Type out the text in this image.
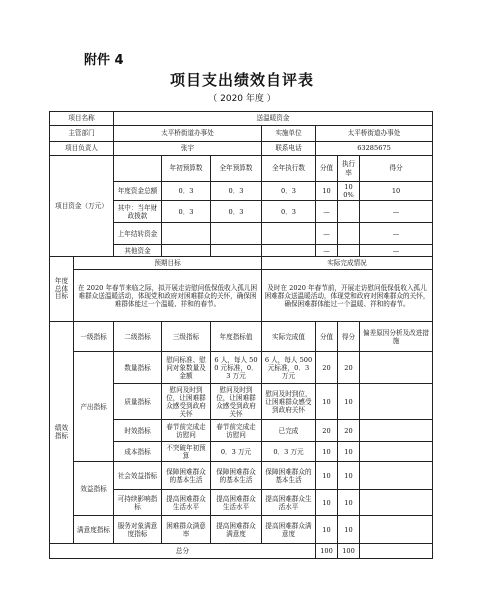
附件 4
项目支出绩效自评表
（ 2020 年度 ）
项目名称		送温暖资金						
主管部门		太平桥街道办事处			实施单位	太平桥街道办事处		
项目负责人		张宇			联系电话	63285675		
项目资金（万元）			年初预算数	全年预算数	全年执行数	分值	执行率	得分
		年度资金总额	0．3	0．3	0．3	10	100%	10
		其中：当年财政拨款	0．3	0．3	0．3	—		—
		上年结转资金				—		—
		其他资金				—		—
年度总体目标	预期目标				实际完成情况			
	在 2020 年春节来临之际，拟开展走访慰问低保低收入孤儿困难群众送温暖活动，体现党和政府对困难群众的关怀，确保困难群体能过一个温暖、祥和的春节。				及时在 2020 年春节前，开展走访慰问低保低收入孤儿困难群众送温暖活动，体现党和政府对困难群众的关怀，确保困难群体能过一个温暖、祥和的春节。			
绩效指标	一级指标	二级指标	三级指标	年度指标值	实际完成值	分值	得分	偏差原因分析及改进措施
	产出指标	数量指标	慰问标准、慰问对象数量及金额	6 人，每人 500 元标准，0．3 万元	6 人，每人 500 元标准，0．3 万元	20	20	
		质量指标	慰问及时到位，让困难群众感受到政府关怀	慰问及时到位，让困难群众感受到政府关怀	慰问及时到位，让困难群众感受到政府关怀	10	10	
		时效指标	春节前完成走访慰问	春节前完成走访慰问	已完成	20	20	
		成本指标	不突破年初预算	0．3 万元	0．3 万元	10	10	
	效益指标	社会效益指标	保障困难群众的基本生活	保障困难群众的基本生活	保障困难群众的基本生活	10	10	
		可持续影响指标	提高困难群众生活水平	提高困难群众生活水平	提高困难群众生活水平	10	10	
	满意度指标	服务对象满意度指标	困难群众满意率	提高困难群众满意度	提高困难群众满意度	10	10	
总分						100	100	
